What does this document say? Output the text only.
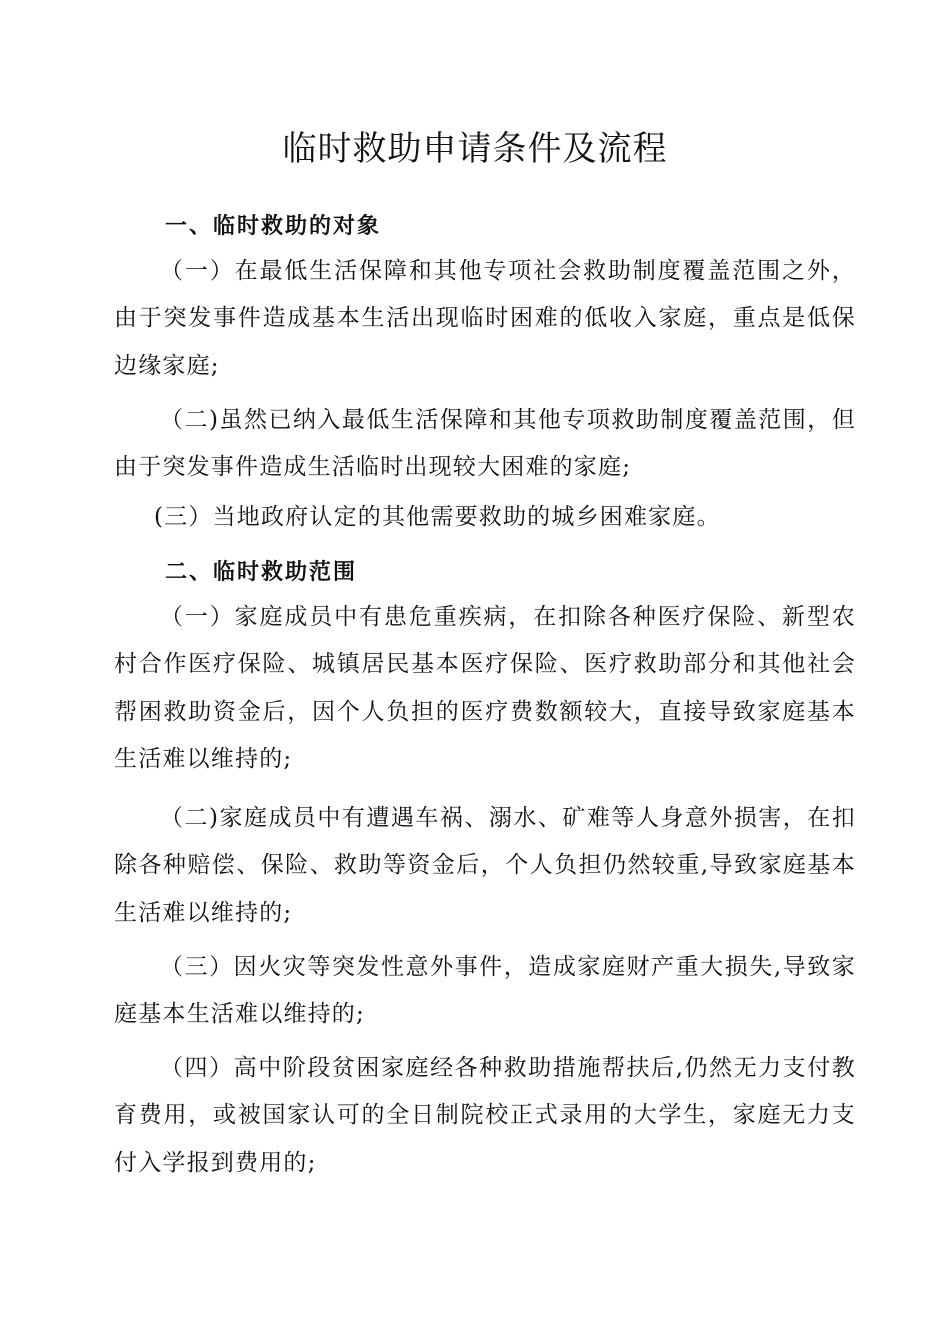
临时救助申请条件及流程
一、临时救助的对象

（一）在最低生活保障和其他专项社会救助制度覆盖范围之外，由于突发事件造成基本生活出现临时困难的低收入家庭，重点是低保边缘家庭;

（二)虽然已纳入最低生活保障和其他专项救助制度覆盖范围，但由于突发事件造成生活临时出现较大困难的家庭;

(三）当地政府认定的其他需要救助的城乡困难家庭。

二、临时救助范围

（一）家庭成员中有患危重疾病，在扣除各种医疗保险、新型农村合作医疗保险、城镇居民基本医疗保险、医疗救助部分和其他社会帮困救助资金后，因个人负担的医疗费数额较大，直接导致家庭基本生活难以维持的;

（二)家庭成员中有遭遇车祸、溺水、矿难等人身意外损害，在扣除各种赔偿、保险、救助等资金后，个人负担仍然较重,导致家庭基本生活难以维持的;

（三）因火灾等突发性意外事件，造成家庭财产重大损失,导致家庭基本生活难以维持的;

（四）高中阶段贫困家庭经各种救助措施帮扶后,仍然无力支付教育费用，或被国家认可的全日制院校正式录用的大学生，家庭无力支付入学报到费用的;
